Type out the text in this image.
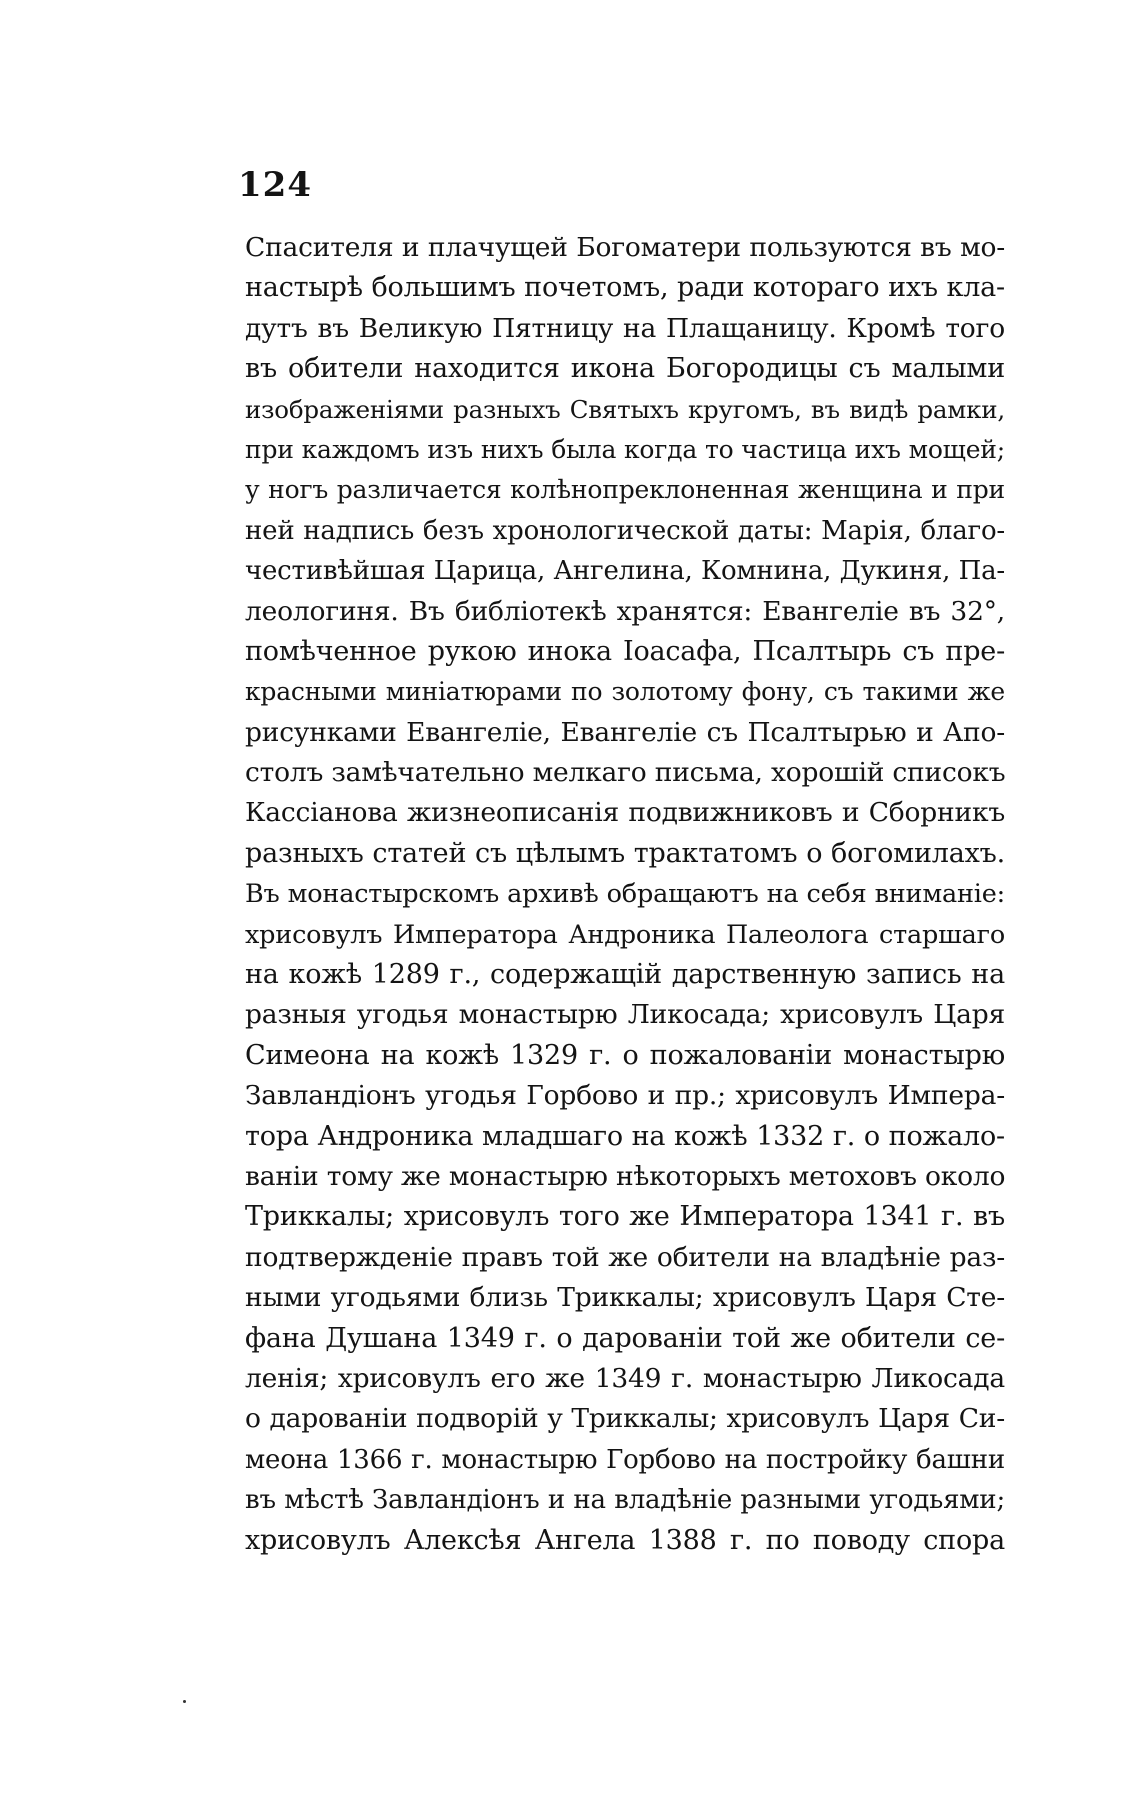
124
Спасителя и плачущей Богоматери пользуются въ мо-
настырѣ большимъ почетомъ, ради котораго ихъ кла-
дутъ въ Великую Пятницу на Плащаницу. Кромѣ того
въ обители находится икона Богородицы съ малыми
изображеніями разныхъ Святыхъ кругомъ, въ видѣ рамки,
при каждомъ изъ нихъ была когда то частица ихъ мощей;
у ногъ различается колѣнопреклоненная женщина и при
ней надпись безъ хронологической даты: Марія, благо-
честивѣйшая Царица, Ангелина, Комнина, Дукиня, Па-
леологиня. Въ библіотекѣ хранятся: Евангеліе въ 32°,
помѣченное рукою инока Іоасафа, Псалтырь съ пре-
красными миніатюрами по золотому фону, съ такими же
рисунками Евангеліе, Евангеліе съ Псалтырью и Апо-
столъ замѣчательно мелкаго письма, хорошій списокъ
Кассіанова жизнеописанія подвижниковъ и Сборникъ
разныхъ статей съ цѣлымъ трактатомъ о богомилахъ.
Въ монастырскомъ архивѣ обращаютъ на себя вниманіе:
хрисовулъ Императора Андроника Палеолога старшаго
на кожѣ 1289 г., содержащій дарственную запись на
разныя угодья монастырю Ликосада; хрисовулъ Царя
Симеона на кожѣ 1329 г. о пожалованіи монастырю
Завландіонъ угодья Горбово и пр.; хрисовулъ Импера-
тора Андроника младшаго на кожѣ 1332 г. о пожало-
ваніи тому же монастырю нѣкоторыхъ метоховъ около
Триккалы; хрисовулъ того же Императора 1341 г. въ
подтвержденіе правъ той же обители на владѣніе раз-
ными угодьями близь Триккалы; хрисовулъ Царя Сте-
фана Душана 1349 г. о дарованіи той же обители се-
ленія; хрисовулъ его же 1349 г. монастырю Ликосада
о дарованіи подворій у Триккалы; хрисовулъ Царя Си-
меона 1366 г. монастырю Горбово на постройку башни
въ мѣстѣ Завландіонъ и на владѣніе разными угодьями;
хрисовулъ Алексѣя Ангела 1388 г. по поводу спора
